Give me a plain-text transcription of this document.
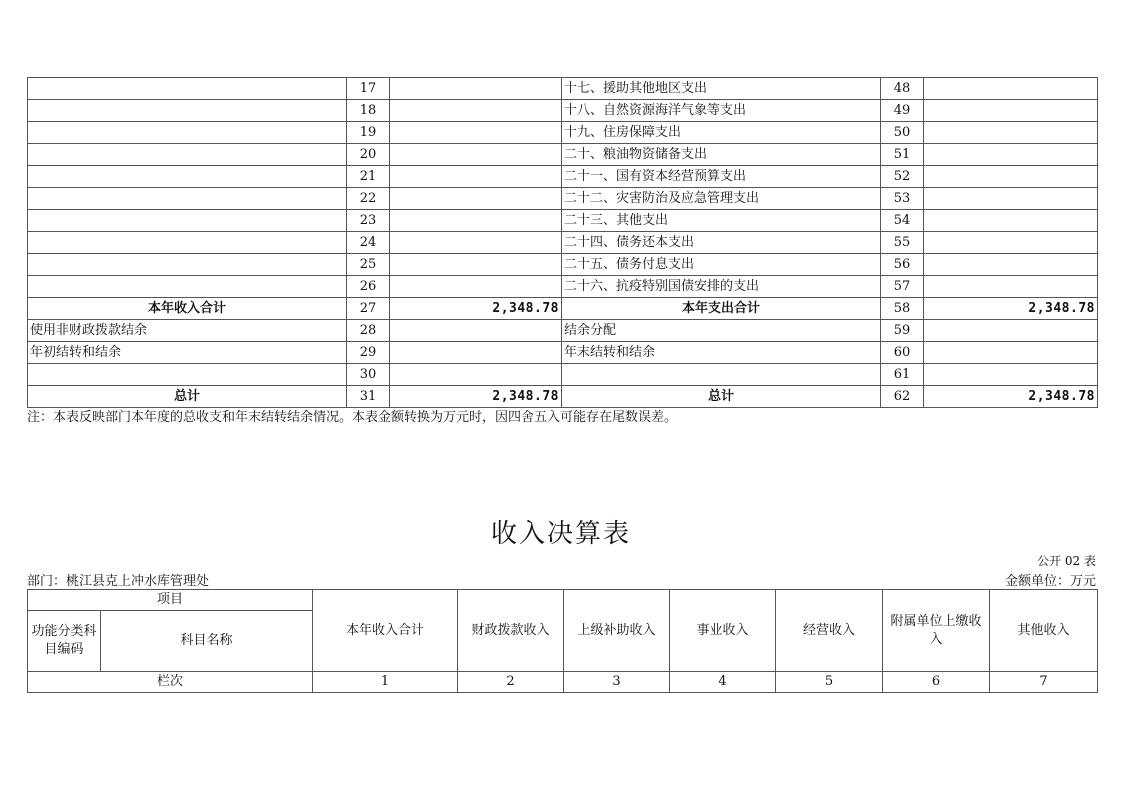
	17		十七、援助其他地区支出	48	
	18		十八、自然资源海洋气象等支出	49	
	19		十九、住房保障支出	50	
	20		二十、粮油物资储备支出	51	
	21		二十一、国有资本经营预算支出	52	
	22		二十二、灾害防治及应急管理支出	53	
	23		二十三、其他支出	54	
	24		二十四、债务还本支出	55	
	25		二十五、债务付息支出	56	
	26		二十六、抗疫特别国债安排的支出	57	
本年收入合计	27	2,348.78	本年支出合计	58	2,348.78
使用非财政拨款结余	28		结余分配	59	
年初结转和结余	29		年末结转和结余	60	
	30			61	
总计	31	2,348.78	总计	62	2,348.78
注：本表反映部门本年度的总收支和年末结转结余情况。本表金额转换为万元时，因四舍五入可能存在尾数误差。
收入决算表
公开 02 表
部门：桃江县克上冲水库管理处	金额单位：万元
项目		本年收入合计	财政拨款收入	上级补助收入	事业收入	经营收入	附属单位上缴收入	其他收入
功能分类科目编码	科目名称							
栏次		1	2	3	4	5	6	7
